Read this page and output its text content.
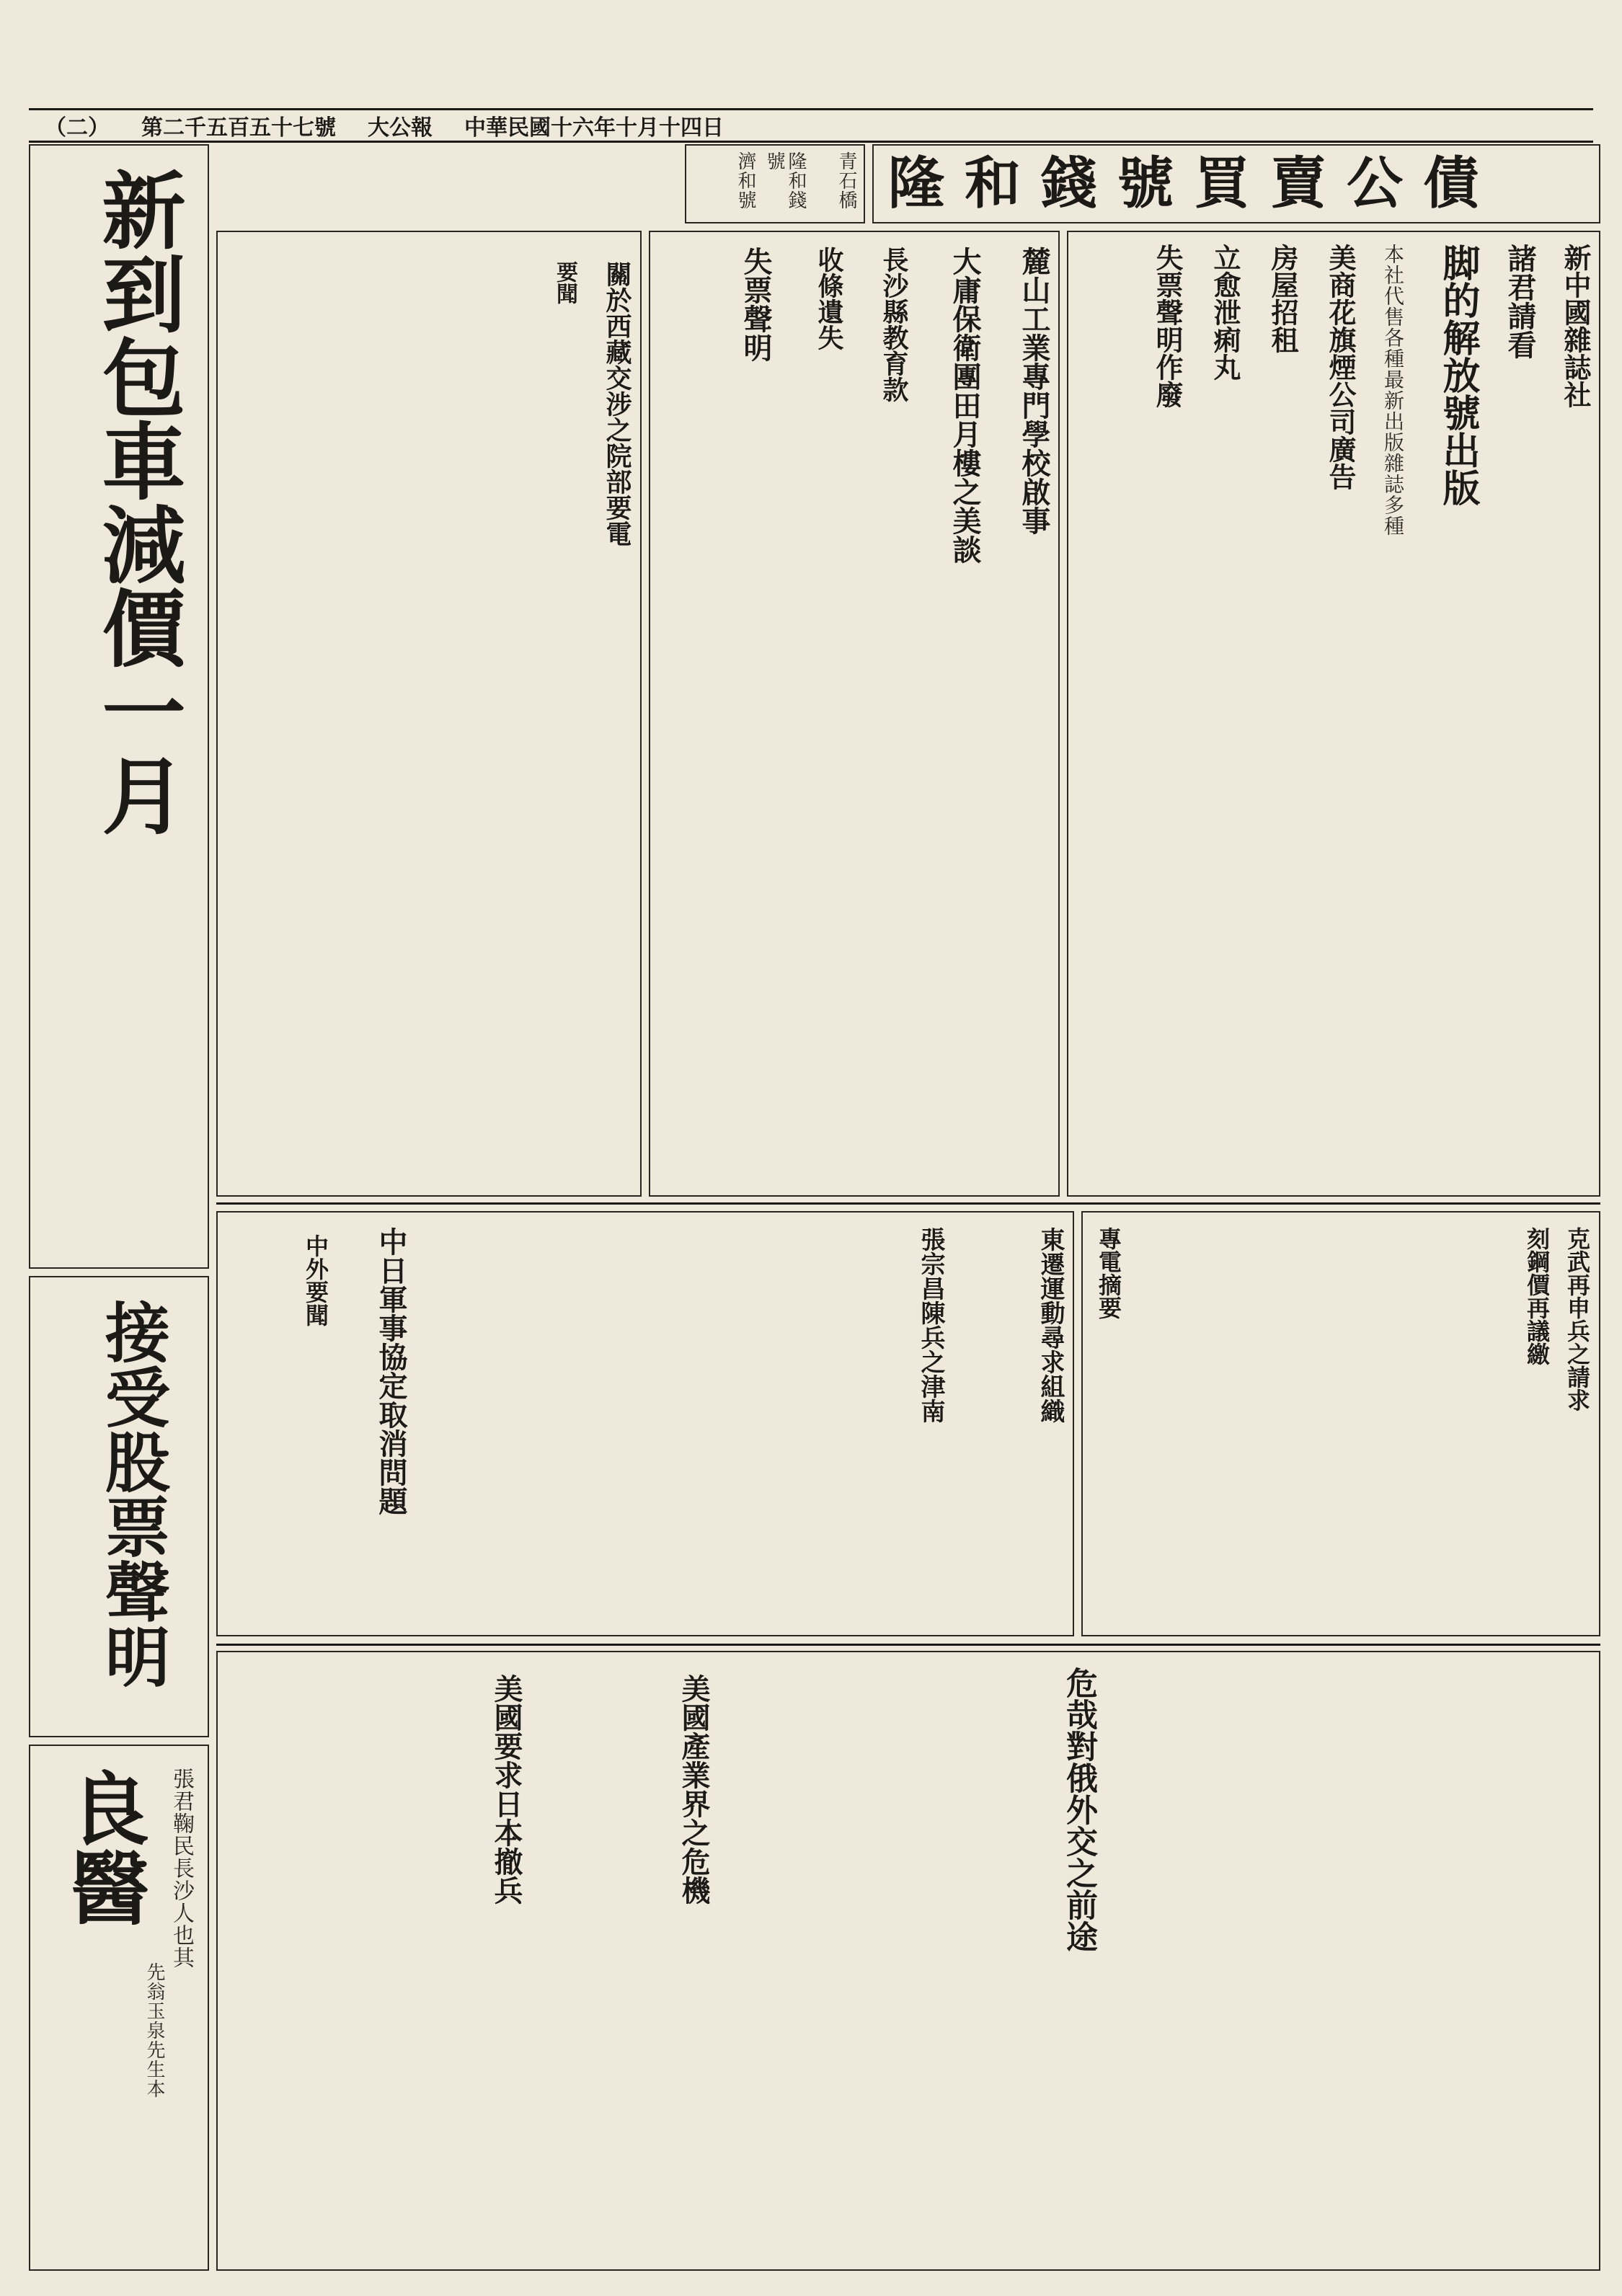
（二） 第二千五百五十七號 大公報 中華民國十六年十月十四日
隆和錢號買賣公債
青石橋
隆和錢號
濟和號
新中國雜誌社
諸君請看
脚的解放號出版
本社代售各種最新出版雜誌多種
美商花旗煙公司廣告
房屋招租
立愈泄痢丸
失票聲明作廢
麓山工業專門學校啟事
大庸保衛團田月樓之美談
長沙縣教育款
收條遺失
失票聲明
關於西藏交涉之院部要電
要聞
新到包車減價一月
接受股票聲明
良醫 張君鞠民長沙人也其
先翁玉泉先生本
克武再申兵之請求
刻鋼價再議繳
專電摘要
東遷運動尋求組織
張宗昌陳兵之津南
中日軍事協定取消問題
中外要聞
危哉對俄外交之前途
美國產業界之危機
美國要求日本撤兵
